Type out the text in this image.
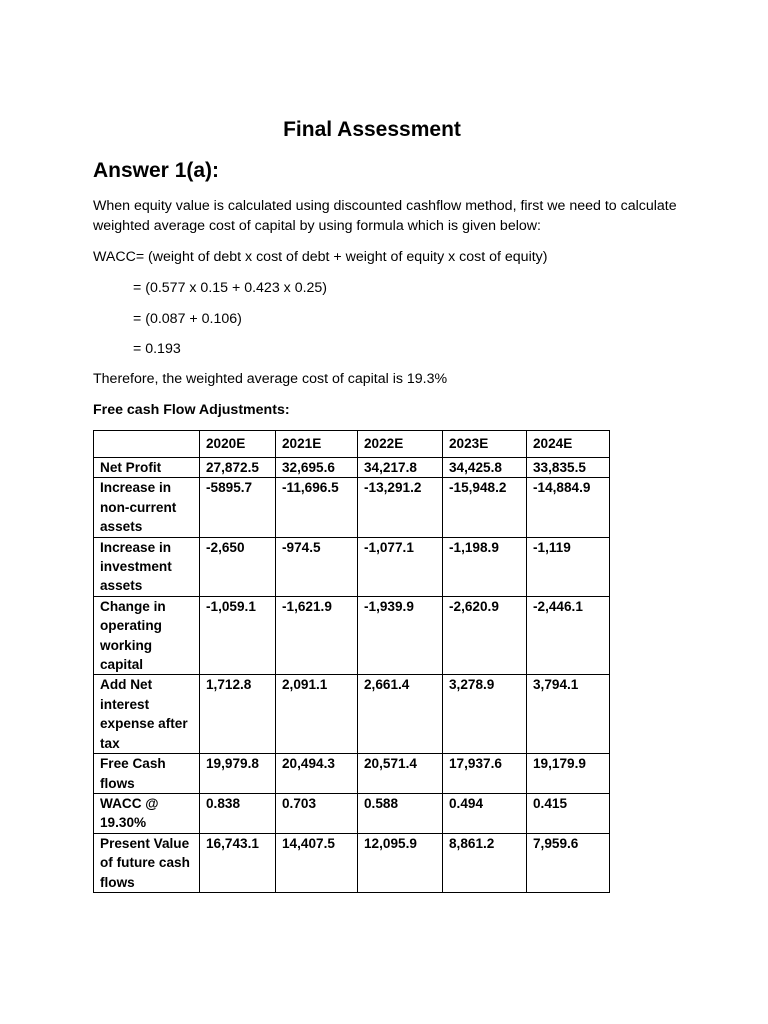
Final Assessment
Answer 1(a):

When equity value is calculated using discounted cashflow method, first we need to calculate weighted average cost of capital by using formula which is given below:

WACC= (weight of debt x cost of debt + weight of equity x cost of equity)

= (0.577 x 0.15 + 0.423 x 0.25)

= (0.087 + 0.106)

= 0.193

Therefore, the weighted average cost of capital is 19.3%

Free cash Flow Adjustments:

	2020E	2021E	2022E	2023E	2024E
Net Profit	27,872.5	32,695.6	34,217.8	34,425.8	33,835.5
Increase in non-current assets	-5895.7	-11,696.5	-13,291.2	-15,948.2	-14,884.9
Increase in investment assets	-2,650	-974.5	-1,077.1	-1,198.9	-1,119
Change in operating working capital	-1,059.1	-1,621.9	-1,939.9	-2,620.9	-2,446.1
Add Net interest expense after tax	1,712.8	2,091.1	2,661.4	3,278.9	3,794.1
Free Cash flows	19,979.8	20,494.3	20,571.4	17,937.6	19,179.9
WACC @ 19.30%	0.838	0.703	0.588	0.494	0.415
Present Value of future cash flows	16,743.1	14,407.5	12,095.9	8,861.2	7,959.6
